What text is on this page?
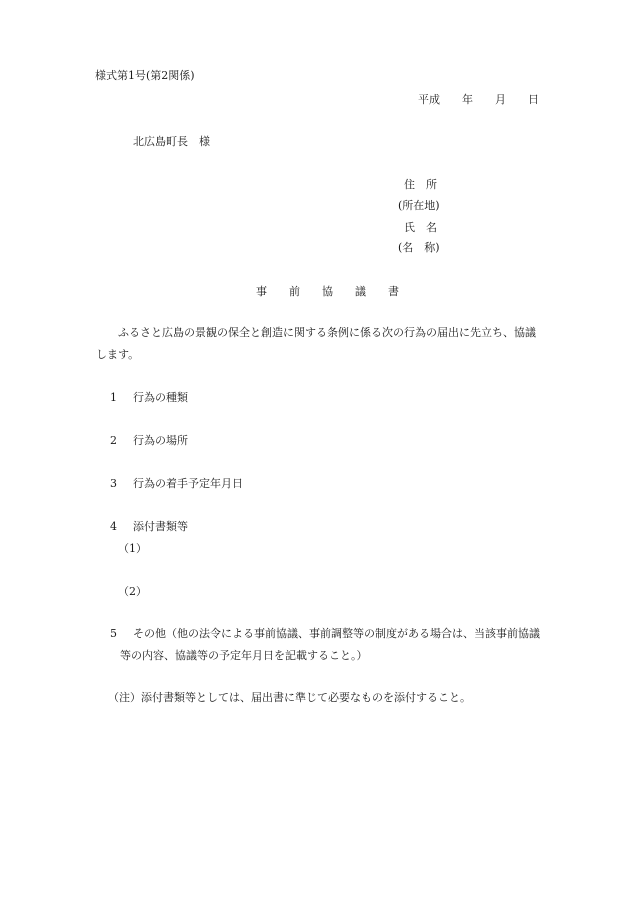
様式第1号(第2関係)
平成　　年　　月　　日
北広島町長　様
住　所
(所在地)
氏　名
(名　称)
事　　前　　協　　議　　書
ふるさと広島の景観の保全と創造に関する条例に係る次の行為の届出に先立ち、協議
します。
1 行為の種類
2 行為の場所
3 行為の着手予定年月日
4 添付書類等
（1）
（2）
5 その他（他の法令による事前協議、事前調整等の制度がある場合は、当該事前協議
等の内容、協議等の予定年月日を記載すること。）
（注）添付書類等としては、届出書に準じて必要なものを添付すること。
